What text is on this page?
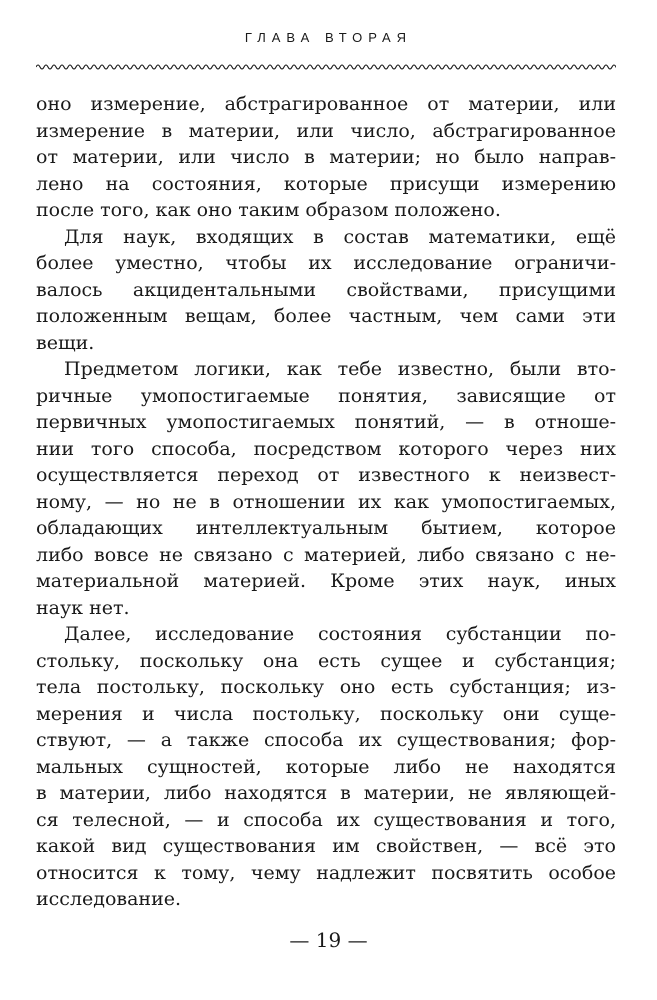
ГЛАВА ВТОРАЯ
оно измерение, абстрагированное от материи, или
измерение в материи, или число, абстрагированное
от материи, или число в материи; но было направ-
лено на состояния, которые присущи измерению
после того, как оно таким образом положено.
Для наук, входящих в состав математики, ещё
более уместно, чтобы их исследование ограничи-
валось акцидентальными свойствами, присущими
положенным вещам, более частным, чем сами эти
вещи.
Предметом логики, как тебе известно, были вто-
ричные умопостигаемые понятия, зависящие от
первичных умопостигаемых понятий, — в отноше-
нии того способа, посредством которого через них
осуществляется переход от известного к неизвест-
ному, — но не в отношении их как умопостигаемых,
обладающих интеллектуальным бытием, которое
либо вовсе не связано с материей, либо связано с не-
материальной материей. Кроме этих наук, иных
наук нет.
Далее, исследование состояния субстанции по-
стольку, поскольку она есть сущее и субстанция;
тела постольку, поскольку оно есть субстанция; из-
мерения и числа постольку, поскольку они суще-
ствуют, — а также способа их существования; фор-
мальных сущностей, которые либо не находятся
в материи, либо находятся в материи, не являющей-
ся телесной, — и способа их существования и того,
какой вид существования им свойствен, — всё это
относится к тому, чему надлежит посвятить особое
исследование.
— 19 —
